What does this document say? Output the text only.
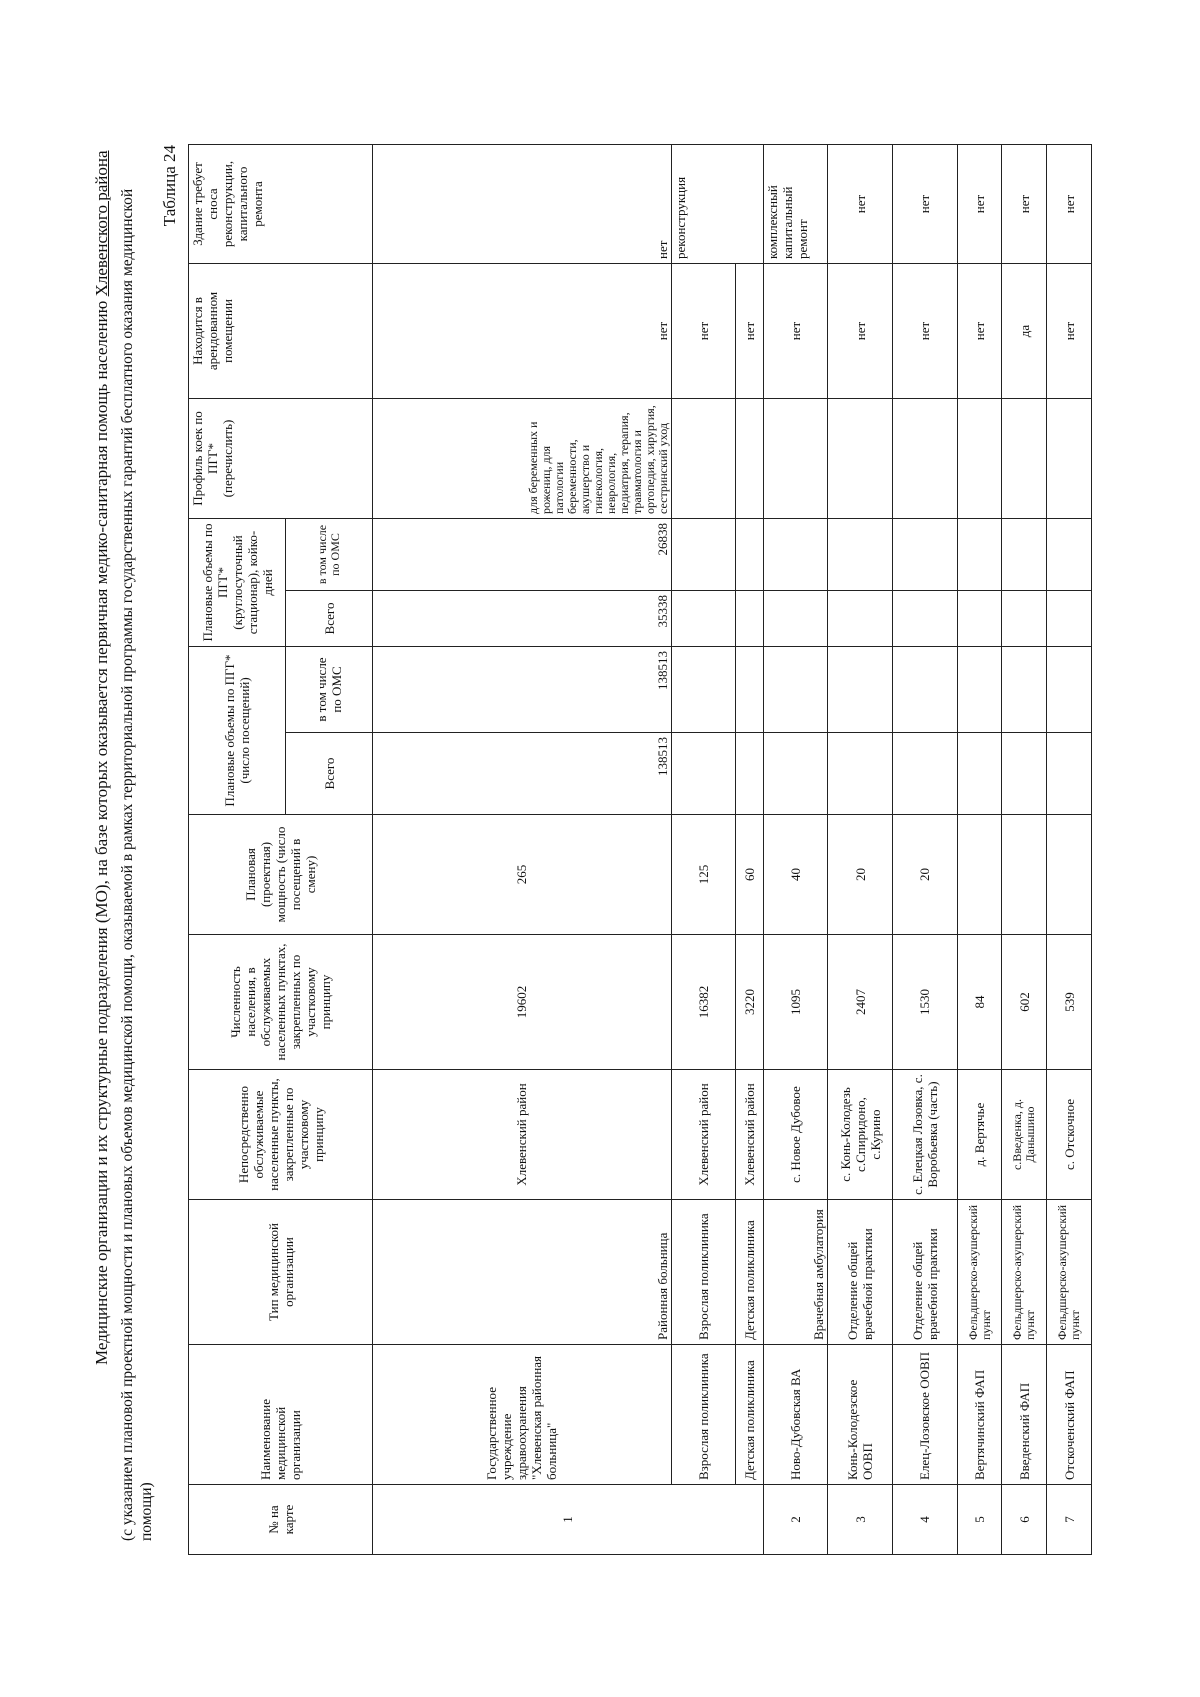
Медицинские организации и их структурные подразделения (МО), на базе которых оказывается первичная медико-санитарная помощь населению Хлевенского района (с указанием плановой проектной мощности и плановых объемов медицинской помощи, оказываемой в рамках территориальной программы государственных гарантий бесплатного оказания медицинской помощи)
Таблица 24
№ на карте	Наименование медицинской организации	Тип медицинской организации	Непосредственно обслуживаемые населенные пункты, закрепленные по участковому принципу	Численность населения, в обслуживаемых населенных пунктах, закрепленных по участковому принципу	Плановая (проектная) мощность (число посещений в смену)	Плановые объемы по ПГГ* (число посещений)		Плановые объемы по ПГГ* (круглосуточный стационар), койко-дней		Профиль коек по ПГГ* (перечислить)	Находится в арендованном помещении	Здание требует сноса реконструкции, капитального ремонта
						Всего	в том числе по ОМС	Всего	в том числе по ОМС			
1	Государственное учреждение здравоохранения "Хлевенская районная больница"	Районная больница	Хлевенский район	19602	265	138513	138513	35338	26838	для беременных и рожениц, для патологии беременности, акушерство и гинекология, неврология, педиатрия, терапия, травматология и ортопедия, хирургия, сестринский уход	нет	нет
	Взрослая поликлиника	Взрослая поликлиника	Хлевенский район	16382	125						нет	реконструкция
	Детская поликлиника	Детская поликлиника	Хлевенский район	3220	60						нет	
2	Ново-Дубовская ВА	Врачебная амбулатория	с. Новое Дубовое	1095	40						нет	комплексный капитальный ремонт
3	Конь-Колодезское ООВП	Отделение общей врачебной практики	с. Конь-Колодезь с.Спиридоно, с.Курино	2407	20						нет	нет
4	Елец-Лозовское ООВП	Отделение общей врачебной практики	с. Елецкая Лозовка, с. Воробьевка (часть)	1530	20						нет	нет
5	Вертячинский ФАП	Фельдшерско-акушерский пункт	д. Вертячье	84							нет	нет
6	Введенский ФАП	Фельдшерско-акушерский пункт	с.Введенка, д. Данышино	602							да	нет
7	Отскоченский ФАП	Фельдшерско-акушерский пункт	с. Отскочное	539							нет	нет
